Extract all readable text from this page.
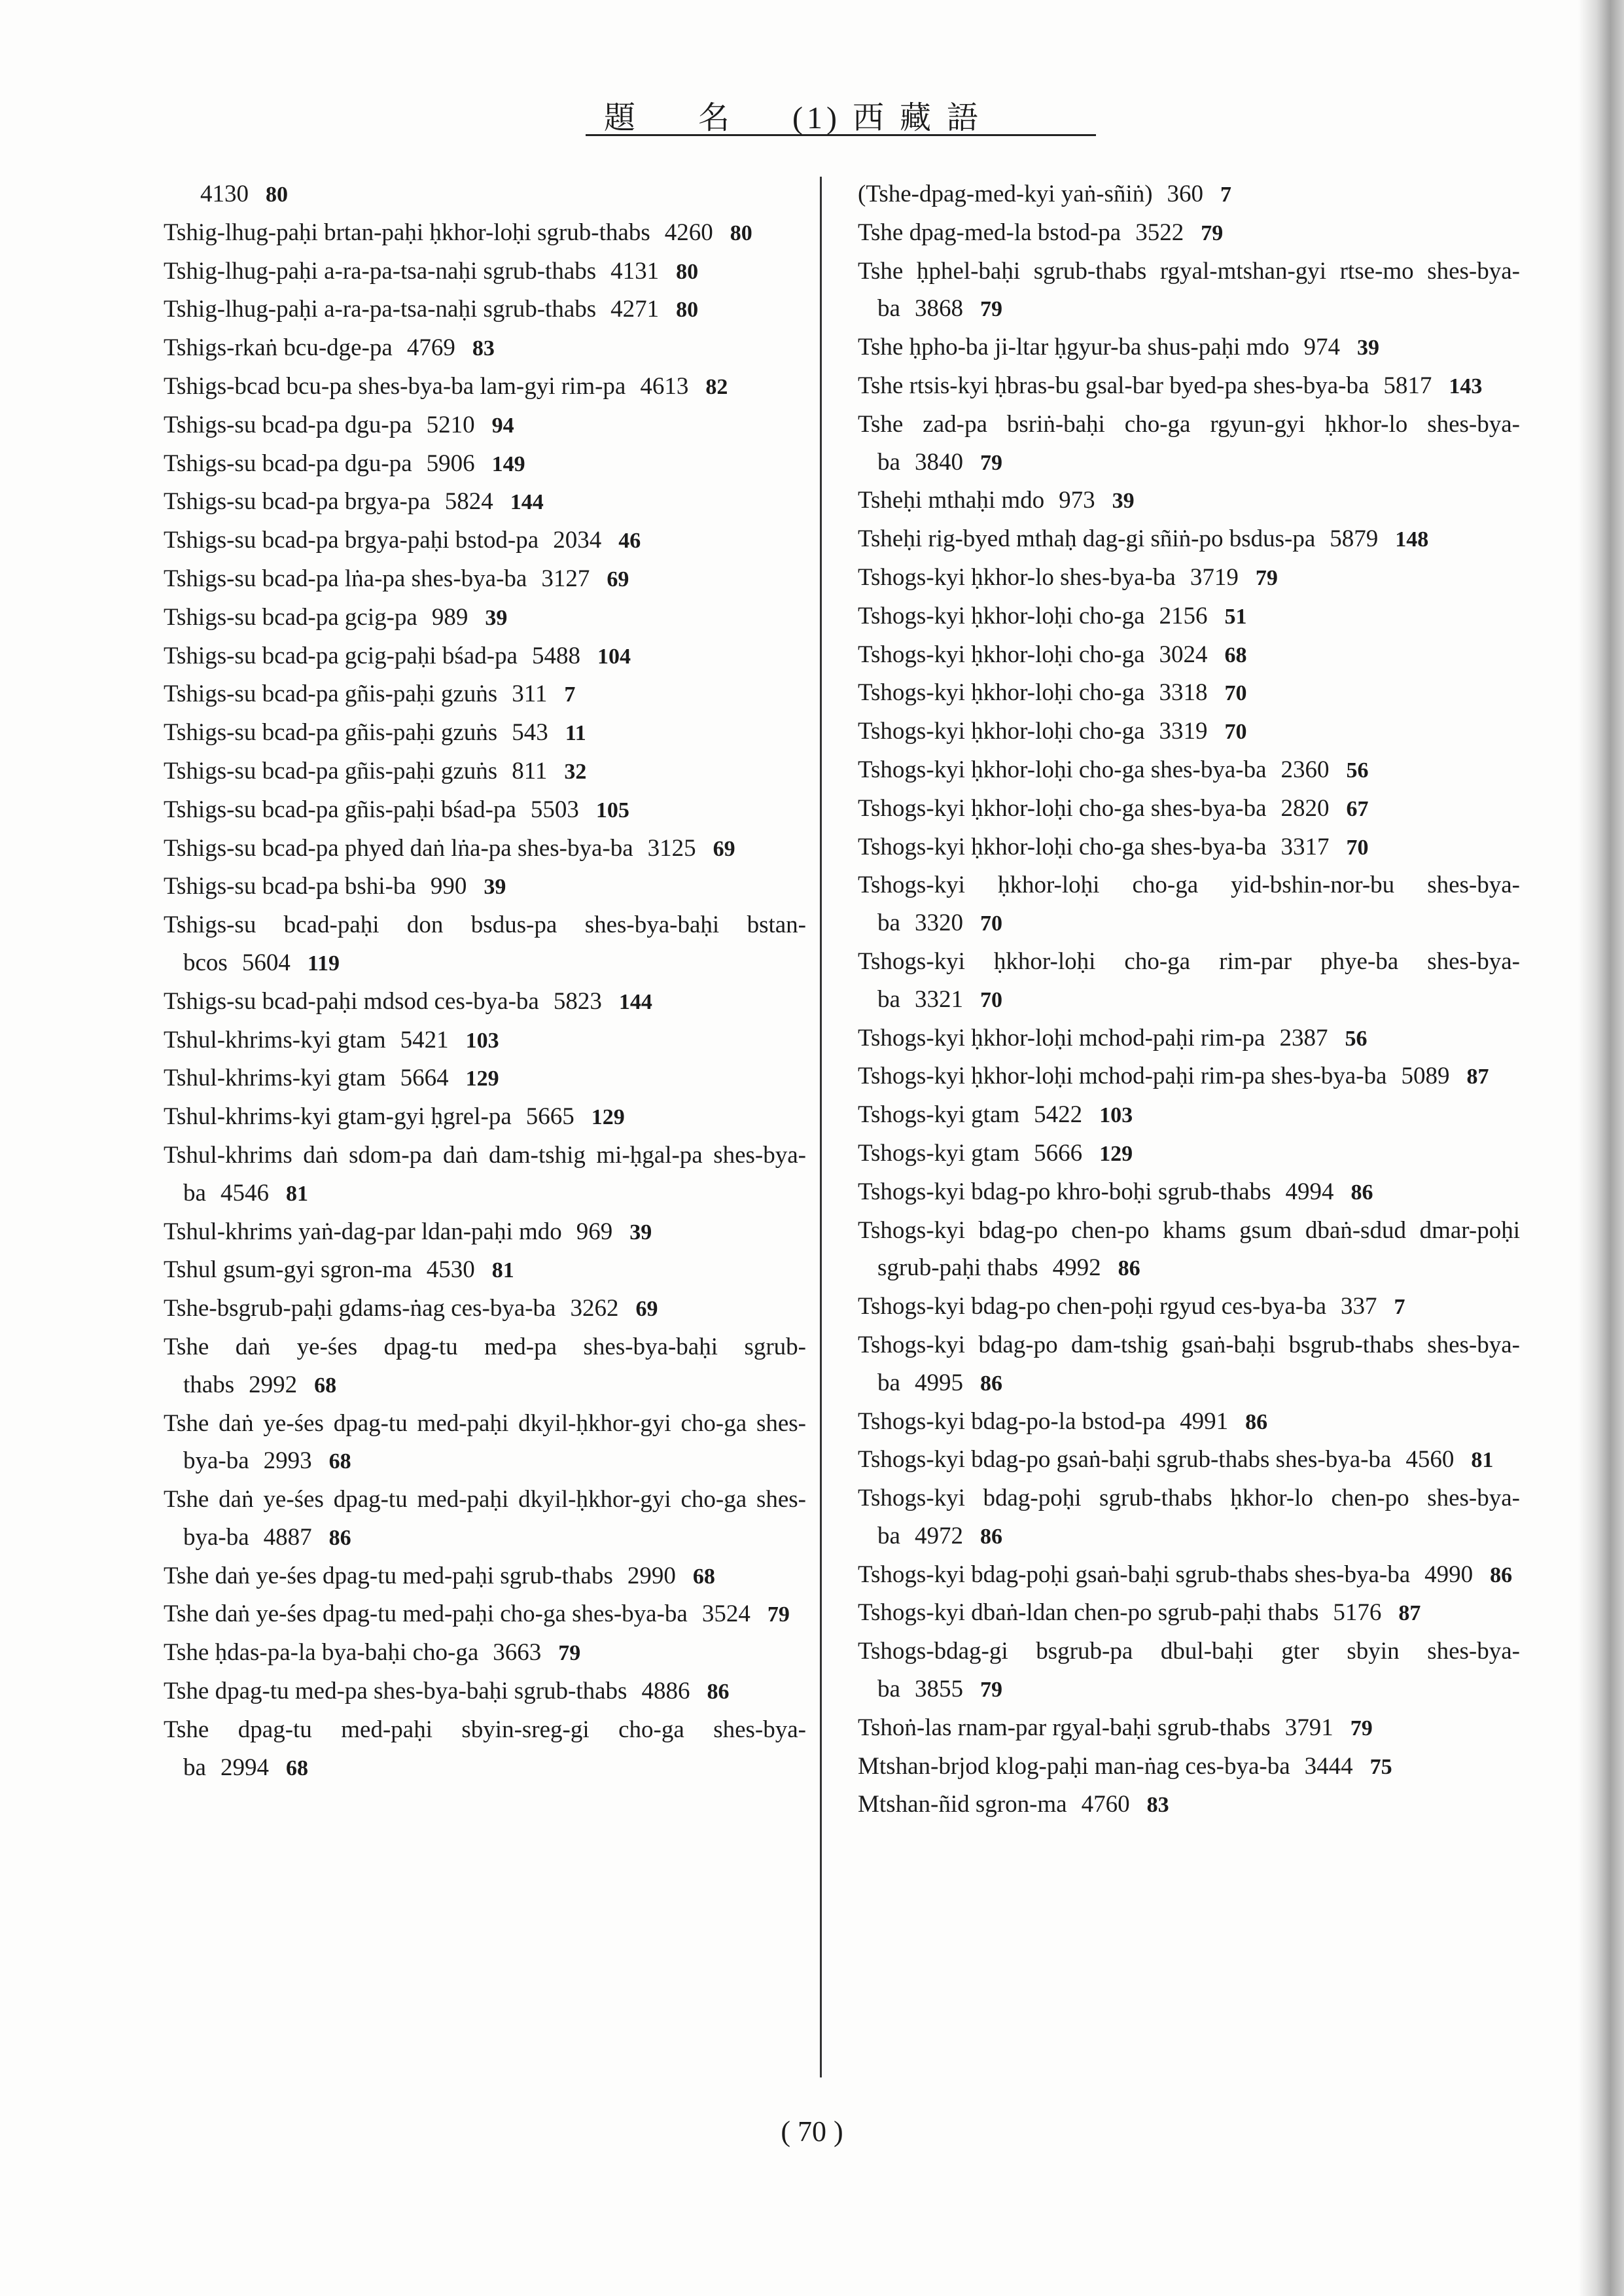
題 名 (1) 西 藏 語

4130 80

Tshig-lhug-paḥi brtan-paḥi ḥkhor-loḥi sgrub-thabs 4260 80

Tshig-lhug-paḥi a-ra-pa-tsa-naḥi sgrub-thabs 4131 80

Tshig-lhug-paḥi a-ra-pa-tsa-naḥi sgrub-thabs 4271 80

Tshigs-rkaṅ bcu-dge-pa 4769 83

Tshigs-bcad bcu-pa shes-bya-ba lam-gyi rim-pa 4613 82

Tshigs-su bcad-pa dgu-pa 5210 94

Tshigs-su bcad-pa dgu-pa 5906 149

Tshigs-su bcad-pa brgya-pa 5824 144

Tshigs-su bcad-pa brgya-paḥi bstod-pa 2034 46

Tshigs-su bcad-pa lṅa-pa shes-bya-ba 3127 69

Tshigs-su bcad-pa gcig-pa 989 39

Tshigs-su bcad-pa gcig-paḥi bśad-pa 5488 104

Tshigs-su bcad-pa gñis-paḥi gzuṅs 311 7

Tshigs-su bcad-pa gñis-paḥi gzuṅs 543 11

Tshigs-su bcad-pa gñis-paḥi gzuṅs 811 32

Tshigs-su bcad-pa gñis-paḥi bśad-pa 5503 105

Tshigs-su bcad-pa phyed daṅ lṅa-pa shes-bya-ba 3125 69

Tshigs-su bcad-pa bshi-ba 990 39

Tshigs-su bcad-paḥi don bsdus-pa shes-bya-baḥi bstan-bcos 5604 119

Tshigs-su bcad-paḥi mdsod ces-bya-ba 5823 144

Tshul-khrims-kyi gtam 5421 103

Tshul-khrims-kyi gtam 5664 129

Tshul-khrims-kyi gtam-gyi ḥgrel-pa 5665 129

Tshul-khrims daṅ sdom-pa daṅ dam-tshig mi-ḥgal-pa shes-bya-ba 4546 81

Tshul-khrims yaṅ-dag-par ldan-paḥi mdo 969 39

Tshul gsum-gyi sgron-ma 4530 81

Tshe-bsgrub-paḥi gdams-ṅag ces-bya-ba 3262 69

Tshe daṅ ye-śes dpag-tu med-pa shes-bya-baḥi sgrub-thabs 2992 68

Tshe daṅ ye-śes dpag-tu med-paḥi dkyil-ḥkhor-gyi cho-ga shes-bya-ba 2993 68

Tshe daṅ ye-śes dpag-tu med-paḥi dkyil-ḥkhor-gyi cho-ga shes-bya-ba 4887 86

Tshe daṅ ye-śes dpag-tu med-paḥi sgrub-thabs 2990 68

Tshe daṅ ye-śes dpag-tu med-paḥi cho-ga shes-bya-ba 3524 79

Tshe ḥdas-pa-la bya-baḥi cho-ga 3663 79

Tshe dpag-tu med-pa shes-bya-baḥi sgrub-thabs 4886 86

Tshe dpag-tu med-paḥi sbyin-sreg-gi cho-ga shes-bya-ba 2994 68

(Tshe-dpag-med-kyi yaṅ-sñiṅ) 360 7

Tshe dpag-med-la bstod-pa 3522 79

Tshe ḥphel-baḥi sgrub-thabs rgyal-mtshan-gyi rtse-mo shes-bya-ba 3868 79

Tshe ḥpho-ba ji-ltar ḥgyur-ba shus-paḥi mdo 974 39

Tshe rtsis-kyi ḥbras-bu gsal-bar byed-pa shes-bya-ba 5817 143

Tshe zad-pa bsriṅ-baḥi cho-ga rgyun-gyi ḥkhor-lo shes-bya-ba 3840 79

Tsheḥi mthaḥi mdo 973 39

Tsheḥi rig-byed mthaḥ dag-gi sñiṅ-po bsdus-pa 5879 148

Tshogs-kyi ḥkhor-lo shes-bya-ba 3719 79

Tshogs-kyi ḥkhor-loḥi cho-ga 2156 51

Tshogs-kyi ḥkhor-loḥi cho-ga 3024 68

Tshogs-kyi ḥkhor-loḥi cho-ga 3318 70

Tshogs-kyi ḥkhor-loḥi cho-ga 3319 70

Tshogs-kyi ḥkhor-loḥi cho-ga shes-bya-ba 2360 56

Tshogs-kyi ḥkhor-loḥi cho-ga shes-bya-ba 2820 67

Tshogs-kyi ḥkhor-loḥi cho-ga shes-bya-ba 3317 70

Tshogs-kyi ḥkhor-loḥi cho-ga yid-bshin-nor-bu shes-bya-ba 3320 70

Tshogs-kyi ḥkhor-loḥi cho-ga rim-par phye-ba shes-bya-ba 3321 70

Tshogs-kyi ḥkhor-loḥi mchod-paḥi rim-pa 2387 56

Tshogs-kyi ḥkhor-loḥi mchod-paḥi rim-pa shes-bya-ba 5089 87

Tshogs-kyi gtam 5422 103

Tshogs-kyi gtam 5666 129

Tshogs-kyi bdag-po khro-boḥi sgrub-thabs 4994 86

Tshogs-kyi bdag-po chen-po khams gsum dbaṅ-sdud dmar-poḥi sgrub-paḥi thabs 4992 86

Tshogs-kyi bdag-po chen-poḥi rgyud ces-bya-ba 337 7

Tshogs-kyi bdag-po dam-tshig gsaṅ-baḥi bsgrub-thabs shes-bya-ba 4995 86

Tshogs-kyi bdag-po-la bstod-pa 4991 86

Tshogs-kyi bdag-po gsaṅ-baḥi sgrub-thabs shes-bya-ba 4560 81

Tshogs-kyi bdag-poḥi sgrub-thabs ḥkhor-lo chen-po shes-bya-ba 4972 86

Tshogs-kyi bdag-poḥi gsaṅ-baḥi sgrub-thabs shes-bya-ba 4990 86

Tshogs-kyi dbaṅ-ldan chen-po sgrub-paḥi thabs 5176 87

Tshogs-bdag-gi bsgrub-pa dbul-baḥi gter sbyin shes-bya-ba 3855 79

Tshoṅ-las rnam-par rgyal-baḥi sgrub-thabs 3791 79

Mtshan-brjod klog-paḥi man-ṅag ces-bya-ba 3444 75

Mtshan-ñid sgron-ma 4760 83

( 70 )
